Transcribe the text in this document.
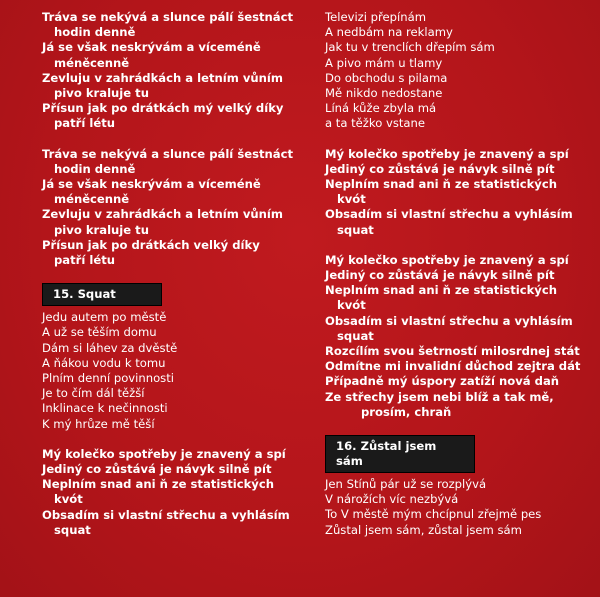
Tráva se nekývá a slunce pálí šestnáct
hodin denně
Já se však neskrývám a víceméně
méněcenně
Zevluju v zahrádkách a letním vůním
pivo kraluje tu
Přísun jak po drátkách mý velký díky
patří létu
Tráva se nekývá a slunce pálí šestnáct
hodin denně
Já se však neskrývám a víceméně
méněcenně
Zevluju v zahrádkách a letním vůním
pivo kraluje tu
Přísun jak po drátkách velký díky
patří létu
15. Squat
Jedu autem po městě
A už se těším domu
Dám si láhev za dvěstě
A ňákou vodu k tomu
Plním denní povinnosti
Je to čím dál těžší
Inklinace k nečinnosti
K mý hrůze mě těší
Mý kolečko spotřeby je znavený a spí
Jediný co zůstává je návyk silně pít
Neplním snad ani ň ze statistických
kvót
Obsadím si vlastní střechu a vyhlásím
squat
Televizi přepínám
A nedbám na reklamy
Jak tu v trenclích dřepím sám
A pivo mám u tlamy
Do obchodu s pilama
Mě nikdo nedostane
Líná kůže zbyla má
a ta těžko vstane
Mý kolečko spotřeby je znavený a spí
Jediný co zůstává je návyk silně pít
Neplním snad ani ň ze statistických
kvót
Obsadím si vlastní střechu a vyhlásím
squat
Mý kolečko spotřeby je znavený a spí
Jediný co zůstává je návyk silně pít
Neplním snad ani ň ze statistických
kvót
Obsadím si vlastní střechu a vyhlásím
squat
Rozcílím svou šetrností milosrdnej stát
Odmítne mi invalidní důchod zejtra dát
Případně mý úspory zatíží nová daň
Ze střechy jsem nebi blíž a tak mě,
prosím, chraň
16. Zůstal jsem sám
Jen Stínů pár už se rozplývá
V nárožích víc nezbývá
To V městě mým chcípnul zřejmě pes
Zůstal jsem sám, zůstal jsem sám
